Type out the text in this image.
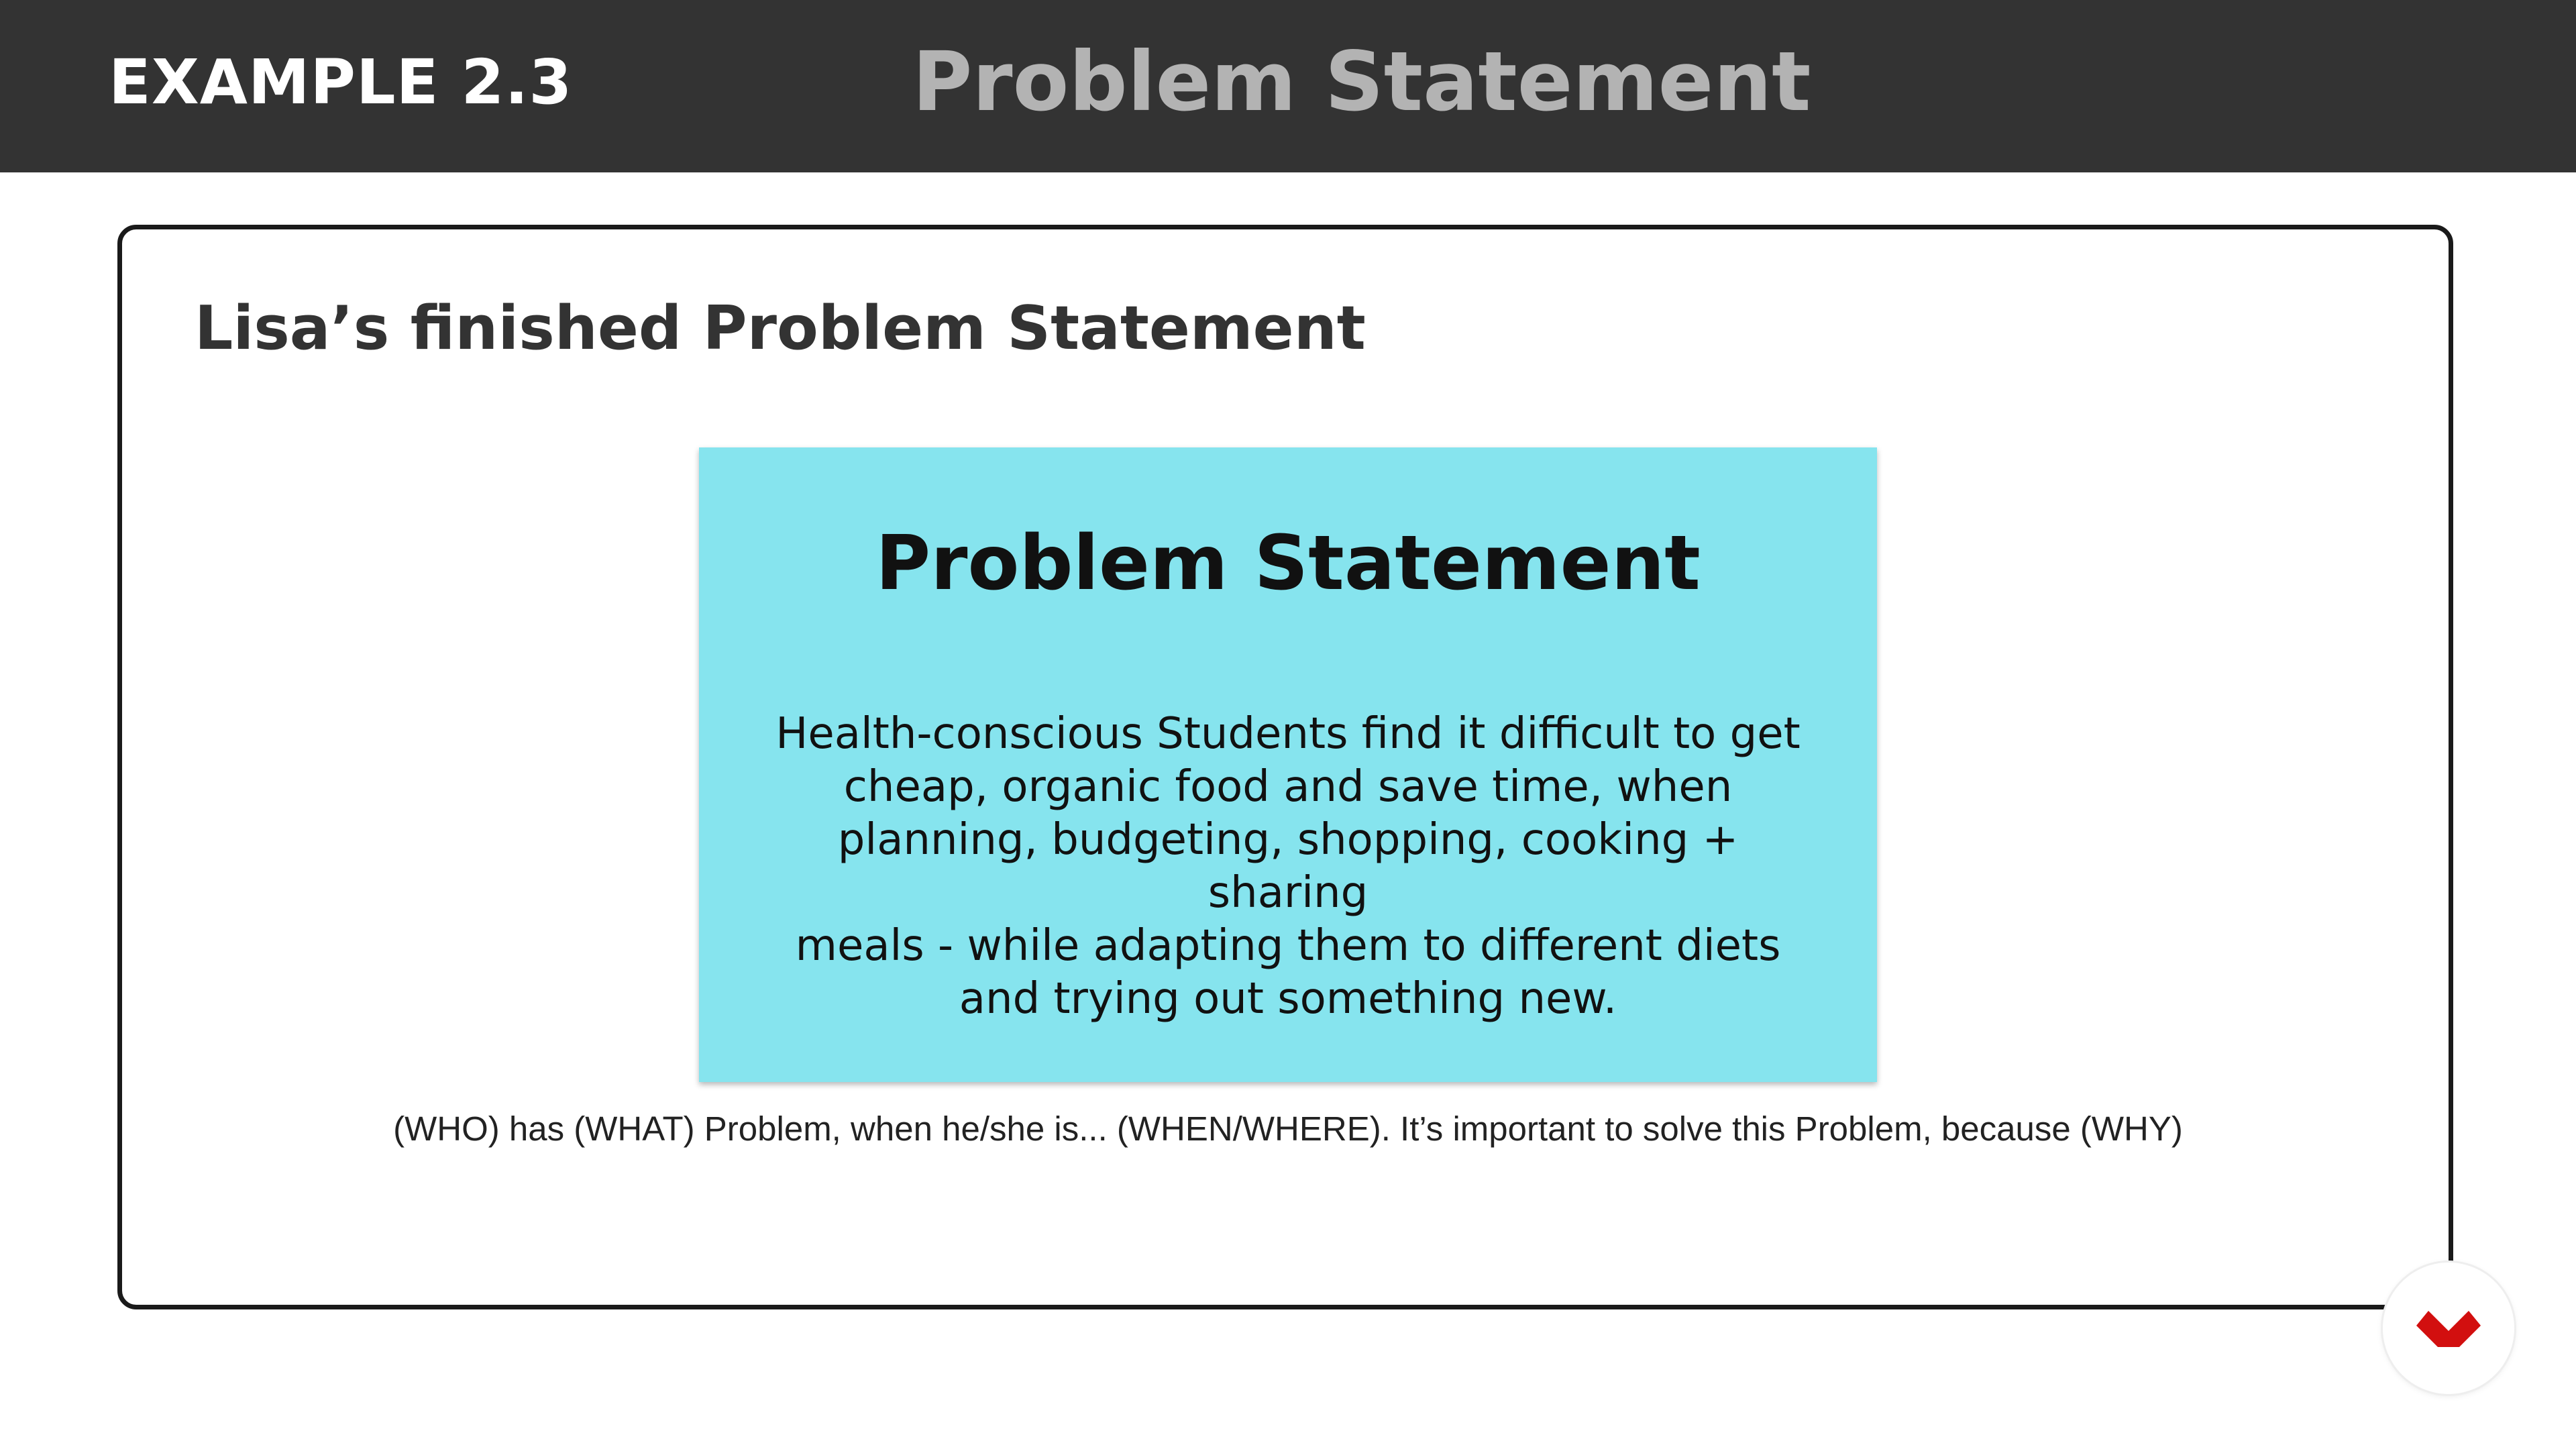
EXAMPLE 2.3	Problem Statement
Lisa’s finished Problem Statement
Problem Statement
Health-conscious Students find it difficult to get
cheap, organic food and save time, when
planning, budgeting, shopping, cooking + sharing
meals - while adapting them to different diets
and trying out something new.
(WHO) has (WHAT) Problem, when he/she is... (WHEN/WHERE). It’s important to solve this Problem, because (WHY)
